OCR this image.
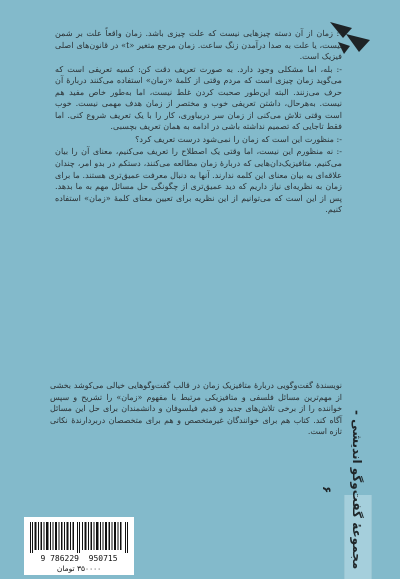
-: زمان از آن دسته چیزهایی نیست که علت چیزی باشد. زمان واقعاً علت بر شمن نیست، یا علت به صدا درآمدن زنگ ساعت. زمان مرجع متغیر «t» در قانون‌های اصلی فیزیک است.

-: بله، اما مشکلی وجود دارد. به صورت تعریف دقت کن: کسیه تعریفی است که می‌گوید زمان چیزی است که مردم وقتی از کلمهٔ «زمان» استفاده می‌کنند دربارهٔ آن حرف می‌زنند. البته این‌طور صحبت کردن غلط نیست، اما به‌طور خاص مفید هم نیست. به‌هرحال، داشتن تعریفی خوب و مختصر از زمان هدف مهمی نیست. خوب است وقتی تلاش می‌کنی از زمان سر دربیاوری، کار را با یک تعریف شروع کنی. اما فقط تاجایی که تصمیم نداشته باشی در ادامه به همان تعریف بچسبی.

-: منظورت این است که زمان را نمی‌شود درست تعریف کرد؟

-: نه منظورم این نیست، اما وقتی یک اصطلاح را تعریف می‌کنیم، معنای آن را بیان می‌کنیم. متافیزیک‌دان‌هایی که دربارهٔ زمان مطالعه می‌کنند، دستکم در بدو امر، چندان علاقه‌ای به بیان معنای این کلمه ندارند. آنها به دنبال معرفت عمیق‌تری هستند. ما برای زمان به نظریه‌ای نیاز داریم که دید عمیق‌تری از چگونگی حل مسائل مهم به ما بدهد. پس از این است که می‌توانیم از این نظریه برای تعیین معنای کلمهٔ «زمان» استفاده کنیم.

نویسندهٔ گفت‌وگویی دربارهٔ متافیزیک زمان در قالب گفت‌وگوهایی خیالی می‌کوشد بخشی از مهم‌ترین مسائل فلسفی و متافیزیکی مرتبط با مفهوم «زمان» را تشریح و سپس خواننده را از برخی تلاش‌های جدید و قدیم فیلسوفان و دانشمندان برای حل این مسائل آگاه کند. کتاب هم برای خوانندگان غیرمتخصص و هم برای متخصصان دربردارندهٔ نکاتی تازه است. مجموعهٔ گفت‌وگو اندیشی - ۶
9 786229  950715
۳۵۰۰۰۰ تومان
